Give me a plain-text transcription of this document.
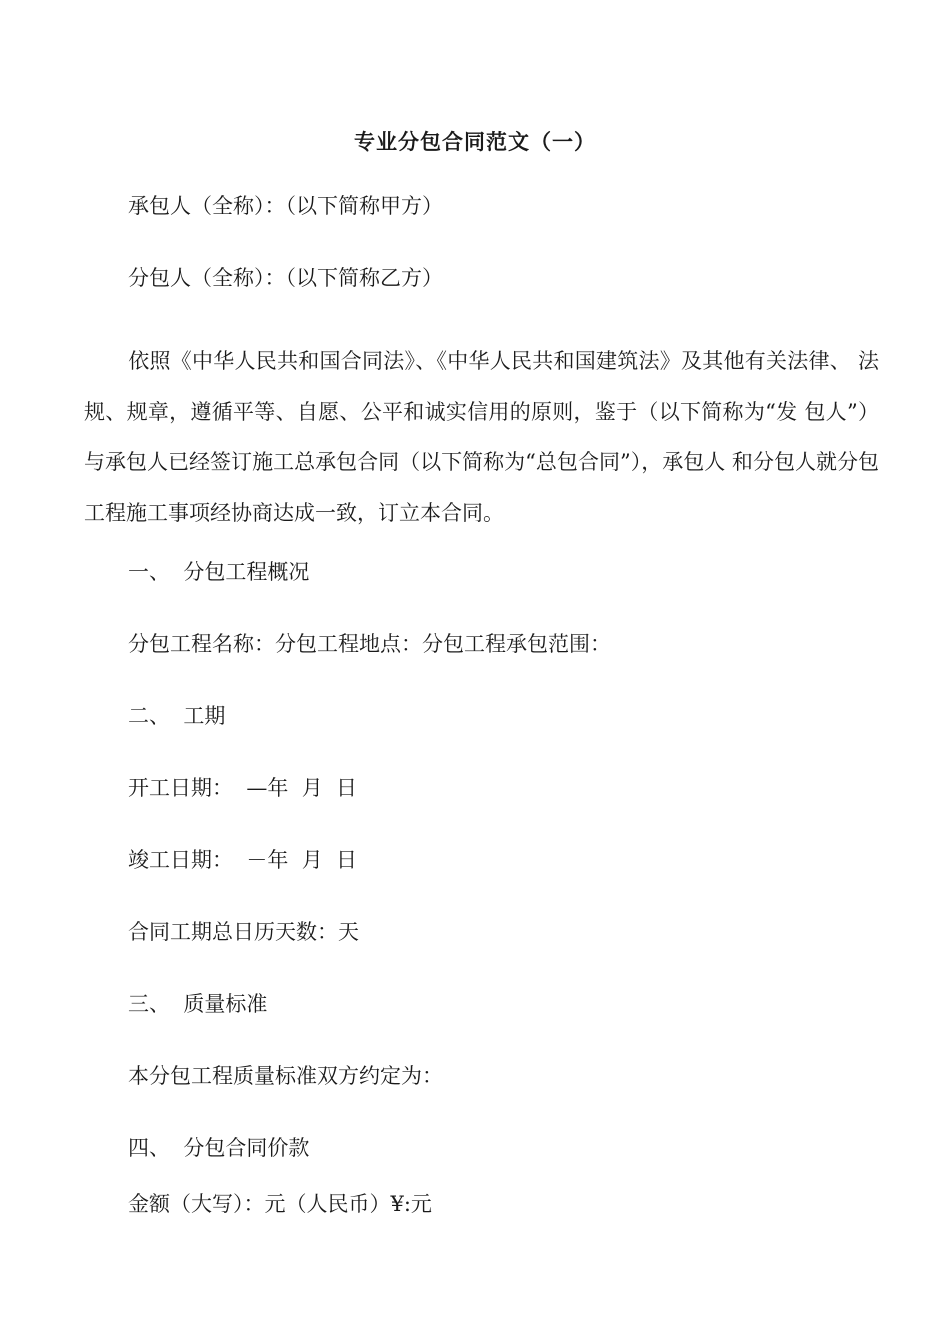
专业分包合同范文（一）
承包人（全称）：（以下简称甲方）
分包人（全称）：（以下简称乙方）
依照《中华人民共和国合同法》、《中华人民共和国建筑法》及其他有关法律、 法规、规章，遵循平等、自愿、公平和诚实信用的原则，鉴于（以下简称为“发 包人”）与承包人已经签订施工总承包合同（以下简称为“总包合同”），承包人 和分包人就分包工程施工事项经协商达成一致，订立本合同。
一、  分包工程概况
分包工程名称：分包工程地点：分包工程承包范围：
二、  工期
开工日期：  —年  月  日
竣工日期：  －年  月  日
合同工期总日历天数：天
三、  质量标准
本分包工程质量标准双方约定为：
四、  分包合同价款
金额（大写）：元（人民币）¥:元
